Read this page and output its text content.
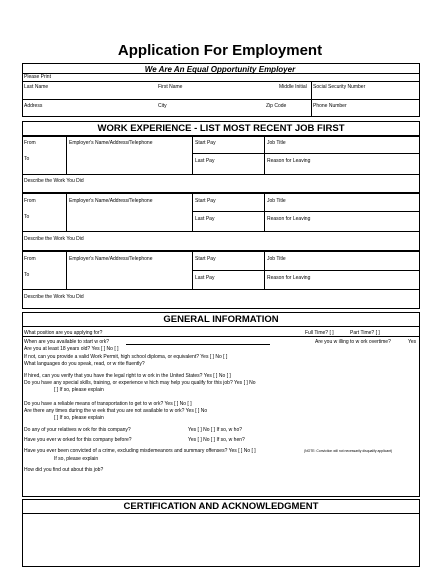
Application For Employment
We Are An Equal Opportunity Employer
Please Print
Last Name	First Name	Middle Initial Social Security Number
Address	City	Zip Code	Phone Number
WORK EXPERIENCE - LIST MOST RECENT JOB FIRST
From
To
Employer's Name/Address/Telephone	Start Pay	Job Title
Last Pay	Reason for Leaving
Describe the Work You Did
From
To
Employer's Name/Address/Telephone	Start Pay	Job Title
Last Pay	Reason for Leaving
Describe the Work You Did
From
To
Employer's Name/Address/Telephone	Start Pay	Job Title
Last Pay	Reason for Leaving
Describe the Work You Did
GENERAL INFORMATION
What position are you applying for?	Full Time? [ ]	Part Time? [ ]
When are you available to start w ork?	Are you w illing to w ork overtime?	Yes
Are you at least 18 years old? Yes [ ] No [ ]
If not, can you provide a valid Work Permit, high school diploma, or equivalent? Yes [ ] No [ ]
What languages do you speak, read, or w rite fluently?
If hired, can you verify that you have the legal right to w ork in the United States? Yes [ ] No [ ]
Do you have any special skills, training, or experience w hich may help you qualify for this job? Yes [ ] No
[ ] If so, please explain
Do you have a reliable means of transportation to get to w ork? Yes [ ] No [ ]
Are there any times during the w eek that you are not available to w ork? Yes [ ] No
[ ] If so, please explain
Do any of your relatives w ork for this company?	Yes [ ] No [ ] If so, w ho?
Have you ever w orked for this company before?	Yes [ ] No [ ] If so, w hen?
Have you ever been convicted of a crime, excluding misdemeanors and summary offenses? Yes [ ] No [ ]	(NOTE: Conviction will not necessarily disqualify applicant)
If so, please explain
How did you find out about this job?
CERTIFICATION AND ACKNOWLEDGMENT
